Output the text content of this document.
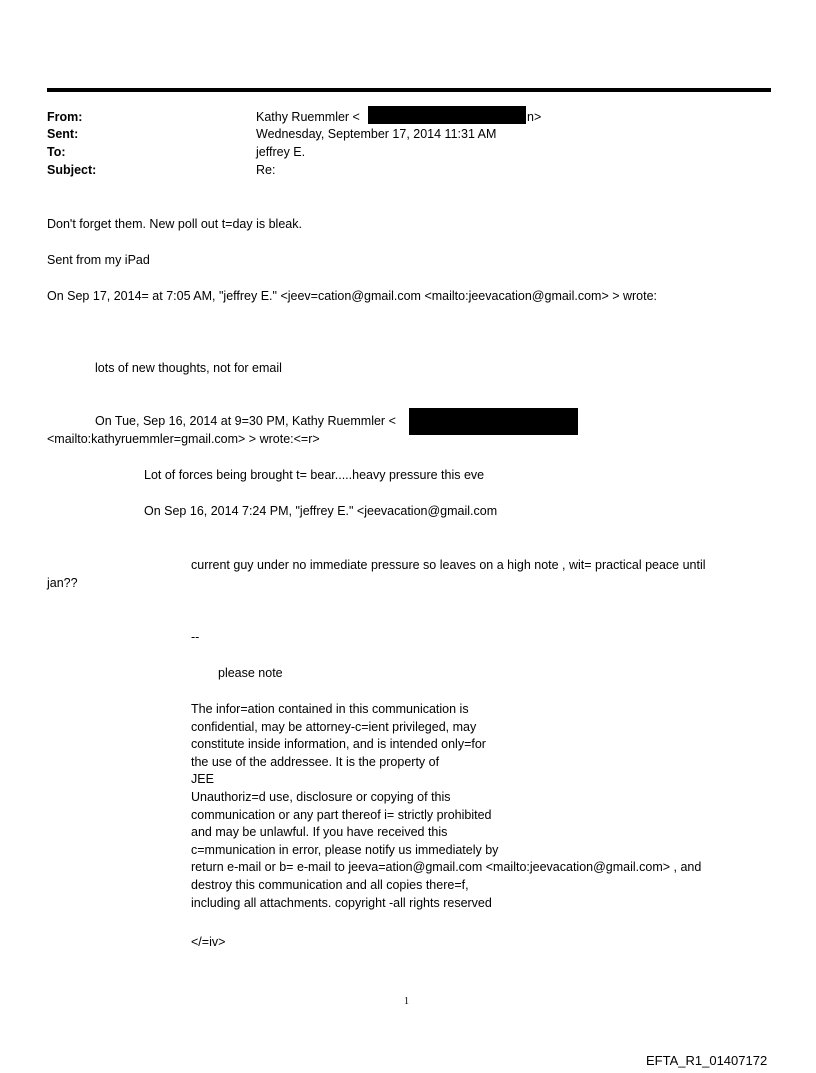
From:	Kathy Ruemmler <	n>
Sent:	Wednesday, September 17, 2014 11:31 AM
To:	jeffrey E.
Subject:	Re:
Don't forget them. New poll out t=day is bleak.
Sent from my iPad
On Sep 17, 2014= at 7:05 AM, "jeffrey E." <jeev=cation@gmail.com <mailto:jeevacation@gmail.com> > wrote:
lots of new thoughts, not for email
On Tue, Sep 16, 2014 at 9=30 PM, Kathy Ruemmler <
<mailto:kathyruemmler=gmail.com> > wrote:<=r>
Lot of forces being brought t= bear.....heavy pressure this eve
On Sep 16, 2014 7:24 PM, "jeffrey E." <jeevacation@gmail.com
current guy under no immediate pressure so leaves on a high note , wit= practical peace until
jan??
--
please note
The infor=ation contained in this communication is
confidential, may be attorney-c=ient privileged, may
constitute inside information, and is intended only=for
the use of the addressee. It is the property of
JEE
Unauthoriz=d use, disclosure or copying of this
communication or any part thereof i= strictly prohibited
and may be unlawful. If you have received this
c=mmunication in error, please notify us immediately by
return e-mail or b= e-mail to jeeva=ation@gmail.com <mailto:jeevacation@gmail.com> , and
destroy this communication and all copies there=f,
including all attachments. copyright -all rights reserved
</=iv>
1
EFTA_R1_01407172
